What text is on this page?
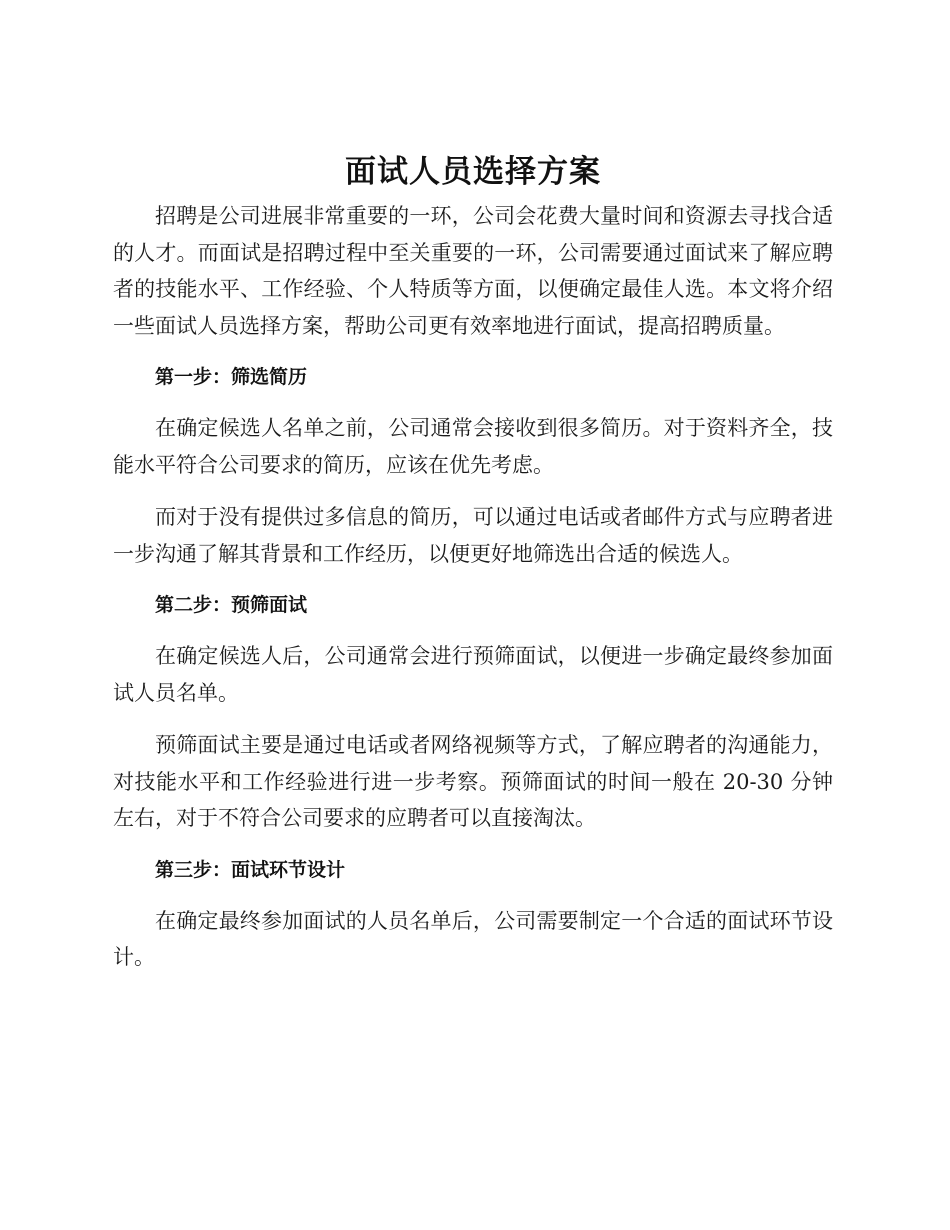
面试人员选择方案

招聘是公司进展非常重要的一环，公司会花费大量时间和资源去寻找合适的人才。而面试是招聘过程中至关重要的一环，公司需要通过面试来了解应聘者的技能水平、工作经验、个人特质等方面，以便确定最佳人选。本文将介绍一些面试人员选择方案，帮助公司更有效率地进行面试，提高招聘质量。

第一步：筛选简历

在确定候选人名单之前，公司通常会接收到很多简历。对于资料齐全，技能水平符合公司要求的简历，应该在优先考虑。

而对于没有提供过多信息的简历，可以通过电话或者邮件方式与应聘者进一步沟通了解其背景和工作经历，以便更好地筛选出合适的候选人。

第二步：预筛面试

在确定候选人后，公司通常会进行预筛面试，以便进一步确定最终参加面试人员名单。

预筛面试主要是通过电话或者网络视频等方式，了解应聘者的沟通能力，对技能水平和工作经验进行进一步考察。预筛面试的时间一般在 20-30 分钟左右，对于不符合公司要求的应聘者可以直接淘汰。

第三步：面试环节设计

在确定最终参加面试的人员名单后，公司需要制定一个合适的面试环节设计。
